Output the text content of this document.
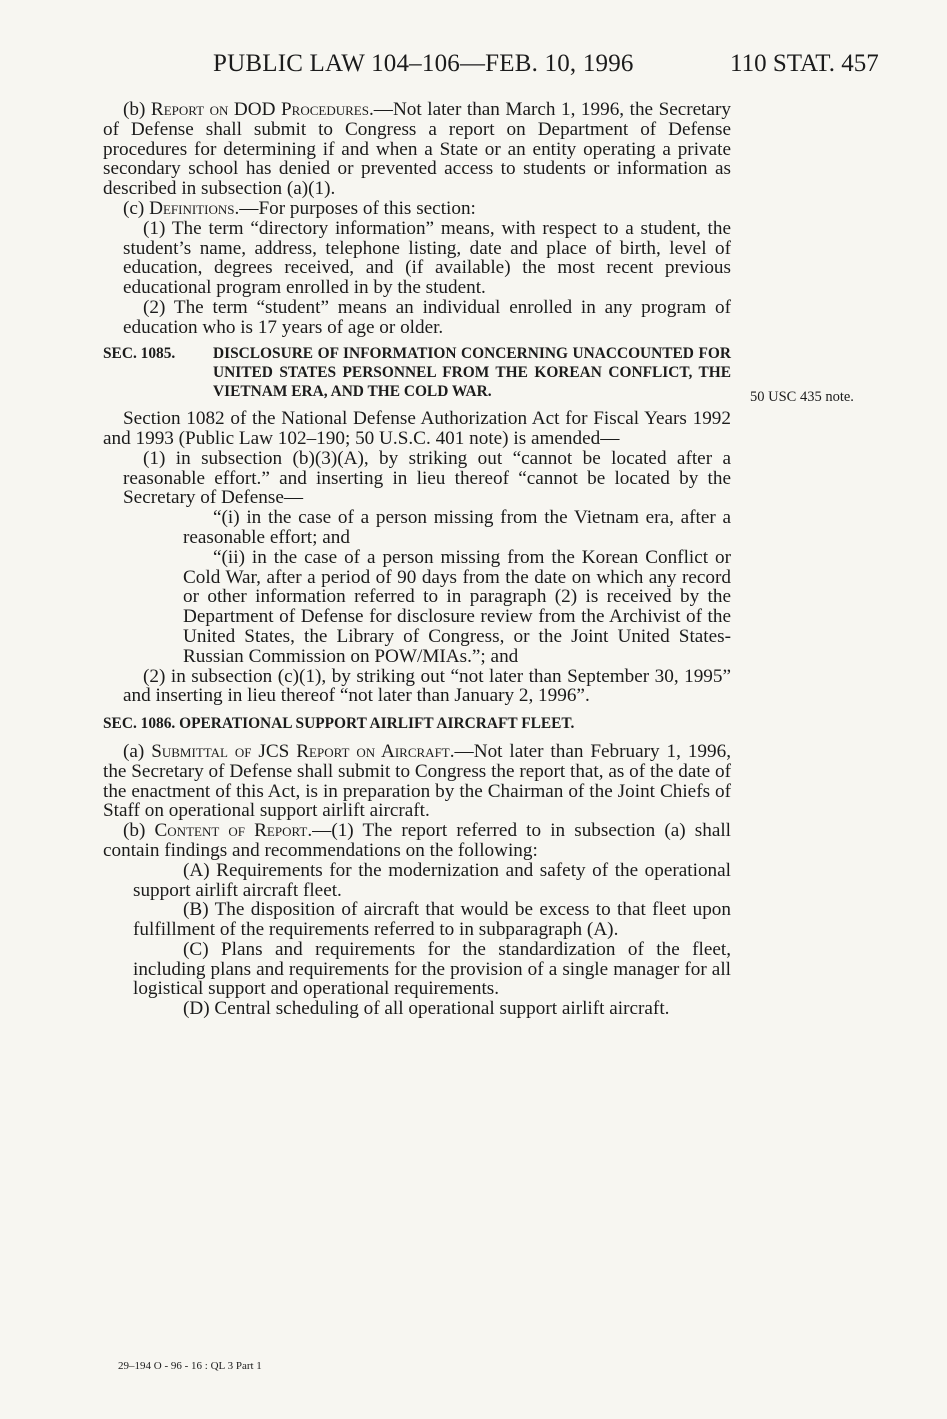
PUBLIC LAW 104–106—FEB. 10, 1996	110 STAT. 457
50 USC 435 note.

(b) Report on DOD Procedures.—Not later than March 1, 1996, the Secretary of Defense shall submit to Congress a report on Department of Defense procedures for determining if and when a State or an entity operating a private secondary school has denied or prevented access to students or information as described in subsection (a)(1).

(c) Definitions.—For purposes of this section:

(1) The term “directory information” means, with respect to a student, the student’s name, address, telephone listing, date and place of birth, level of education, degrees received, and (if available) the most recent previous educational program enrolled in by the student.

(2) The term “student” means an individual enrolled in any program of education who is 17 years of age or older.

SEC. 1085.	DISCLOSURE OF INFORMATION CONCERNING UNACCOUNTED FOR UNITED STATES PERSONNEL FROM THE KOREAN CONFLICT, THE VIETNAM ERA, AND THE COLD WAR.

Section 1082 of the National Defense Authorization Act for Fiscal Years 1992 and 1993 (Public Law 102–190; 50 U.S.C. 401 note) is amended—

(1) in subsection (b)(3)(A), by striking out “cannot be located after a reasonable effort.” and inserting in lieu thereof “cannot be located by the Secretary of Defense—

“(i) in the case of a person missing from the Vietnam era, after a reasonable effort; and

“(ii) in the case of a person missing from the Korean Conflict or Cold War, after a period of 90 days from the date on which any record or other information referred to in paragraph (2) is received by the Department of Defense for disclosure review from the Archivist of the United States, the Library of Congress, or the Joint United States-Russian Commission on POW/MIAs.”; and

(2) in subsection (c)(1), by striking out “not later than September 30, 1995” and inserting in lieu thereof “not later than January 2, 1996”.

SEC. 1086. OPERATIONAL SUPPORT AIRLIFT AIRCRAFT FLEET.

(a) Submittal of JCS Report on Aircraft.—Not later than February 1, 1996, the Secretary of Defense shall submit to Congress the report that, as of the date of the enactment of this Act, is in preparation by the Chairman of the Joint Chiefs of Staff on operational support airlift aircraft.

(b) Content of Report.—(1) The report referred to in subsection (a) shall contain findings and recommendations on the following:

(A) Requirements for the modernization and safety of the operational support airlift aircraft fleet.

(B) The disposition of aircraft that would be excess to that fleet upon fulfillment of the requirements referred to in subparagraph (A).

(C) Plans and requirements for the standardization of the fleet, including plans and requirements for the provision of a single manager for all logistical support and operational requirements.

(D) Central scheduling of all operational support airlift aircraft.

29–194 O - 96 - 16 : QL 3 Part 1
